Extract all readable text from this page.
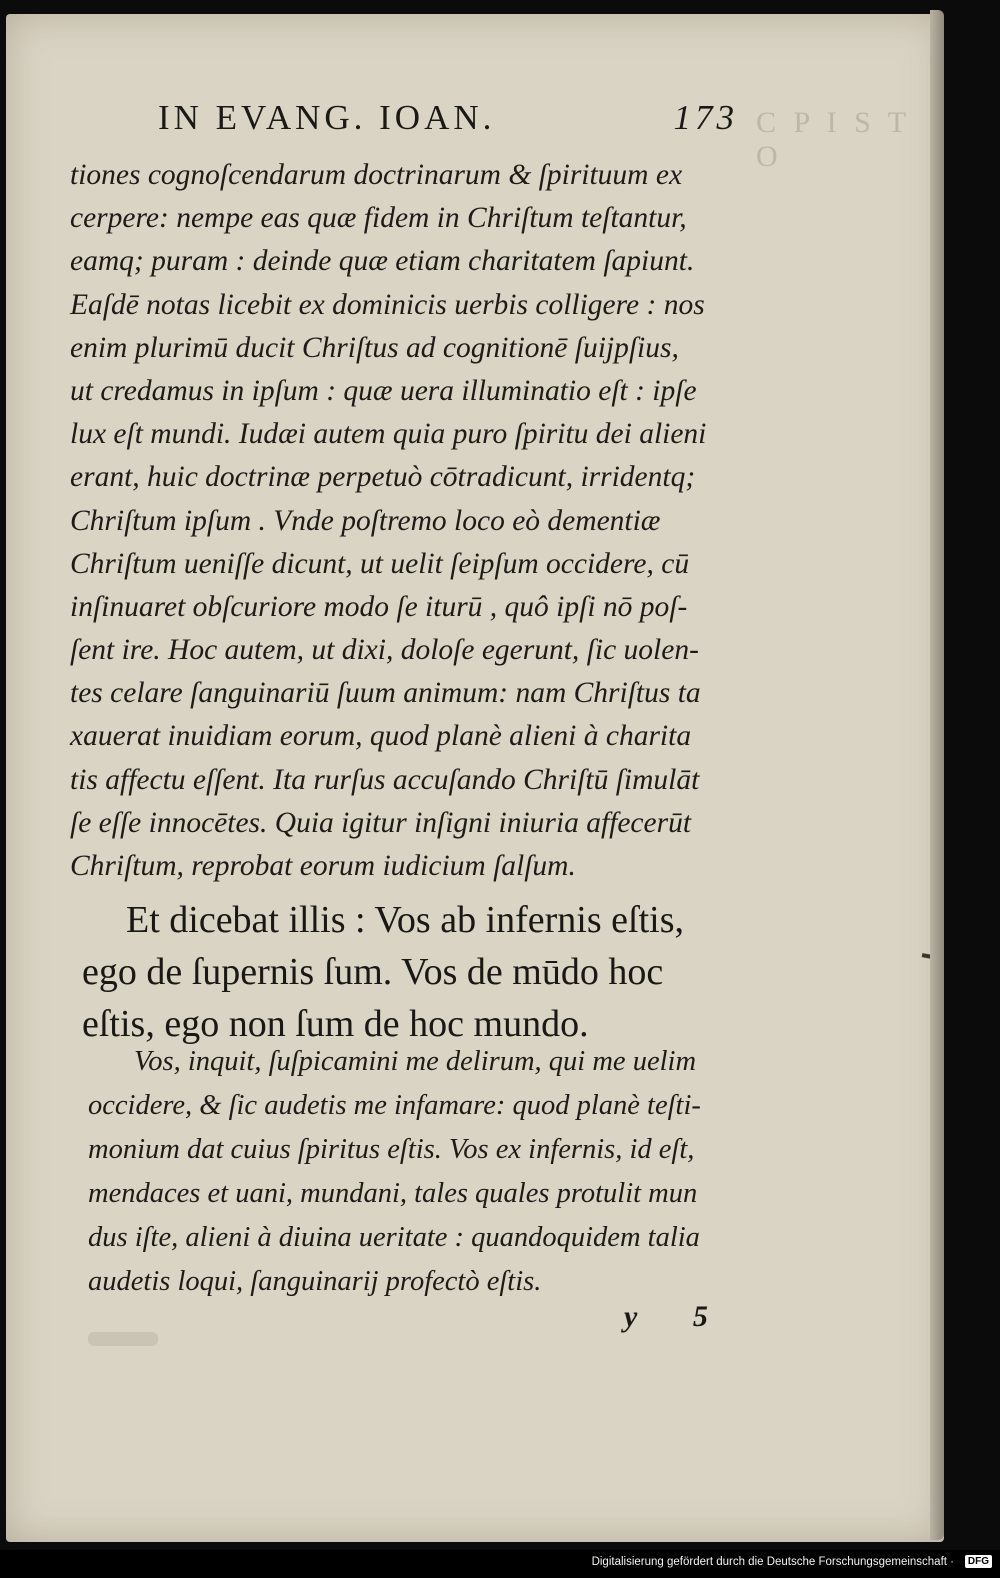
IN EVANG. IOAN.	173 C P I S T O
tiones cognoſcendarum doctrinarum & ſpirituum ex
cerpere: nempe eas quæ fidem in Chriſtum teſtantur,
eamq; puram : deinde quæ etiam charitatem ſapiunt.
Eaſdē notas licebit ex dominicis uerbis colligere : nos
enim plurimū ducit Chriſtus ad cognitionē ſuijpſius,
ut credamus in ipſum : quæ uera illuminatio eſt : ipſe
lux eſt mundi. Iudæi autem quia puro ſpiritu dei alieni
erant, huic doctrinæ perpetuò cōtradicunt, irridentq;
Chriſtum ipſum . Vnde poſtremo loco eò dementiæ
Chriſtum ueniſſe dicunt, ut uelit ſeipſum occidere, cū
inſinuaret obſcuriore modo ſe iturū , quô ipſi nō poſ-
ſent ire. Hoc autem, ut dixi, doloſe egerunt, ſic uolen-
tes celare ſanguinariū ſuum animum: nam Chriſtus ta
xauerat inuidiam eorum, quod planè alieni à charita
tis affectu eſſent. Ita rurſus accuſando Chriſtū ſimulāt
ſe eſſe innocētes. Quia igitur inſigni iniuria affecerūt
Chriſtum, reprobat eorum iudicium ſalſum.
Et dicebat illis : Vos ab infernis eſtis,
ego de ſupernis ſum. Vos de mūdo hoc
eſtis, ego non ſum de hoc mundo.
Vos, inquit, ſuſpicamini me delirum, qui me uelim
occidere, & ſic audetis me infamare: quod planè teſti-
monium dat cuius ſpiritus eſtis. Vos ex infernis, id eſt,
mendaces et uani, mundani, tales quales protulit mun
dus iſte, alieni à diuina ueritate : quandoquidem talia
audetis loqui, ſanguinarij profectò eſtis.
y 5
Digitalisierung gefördert durch die Deutsche Forschungsgemeinschaft ·	DFG
